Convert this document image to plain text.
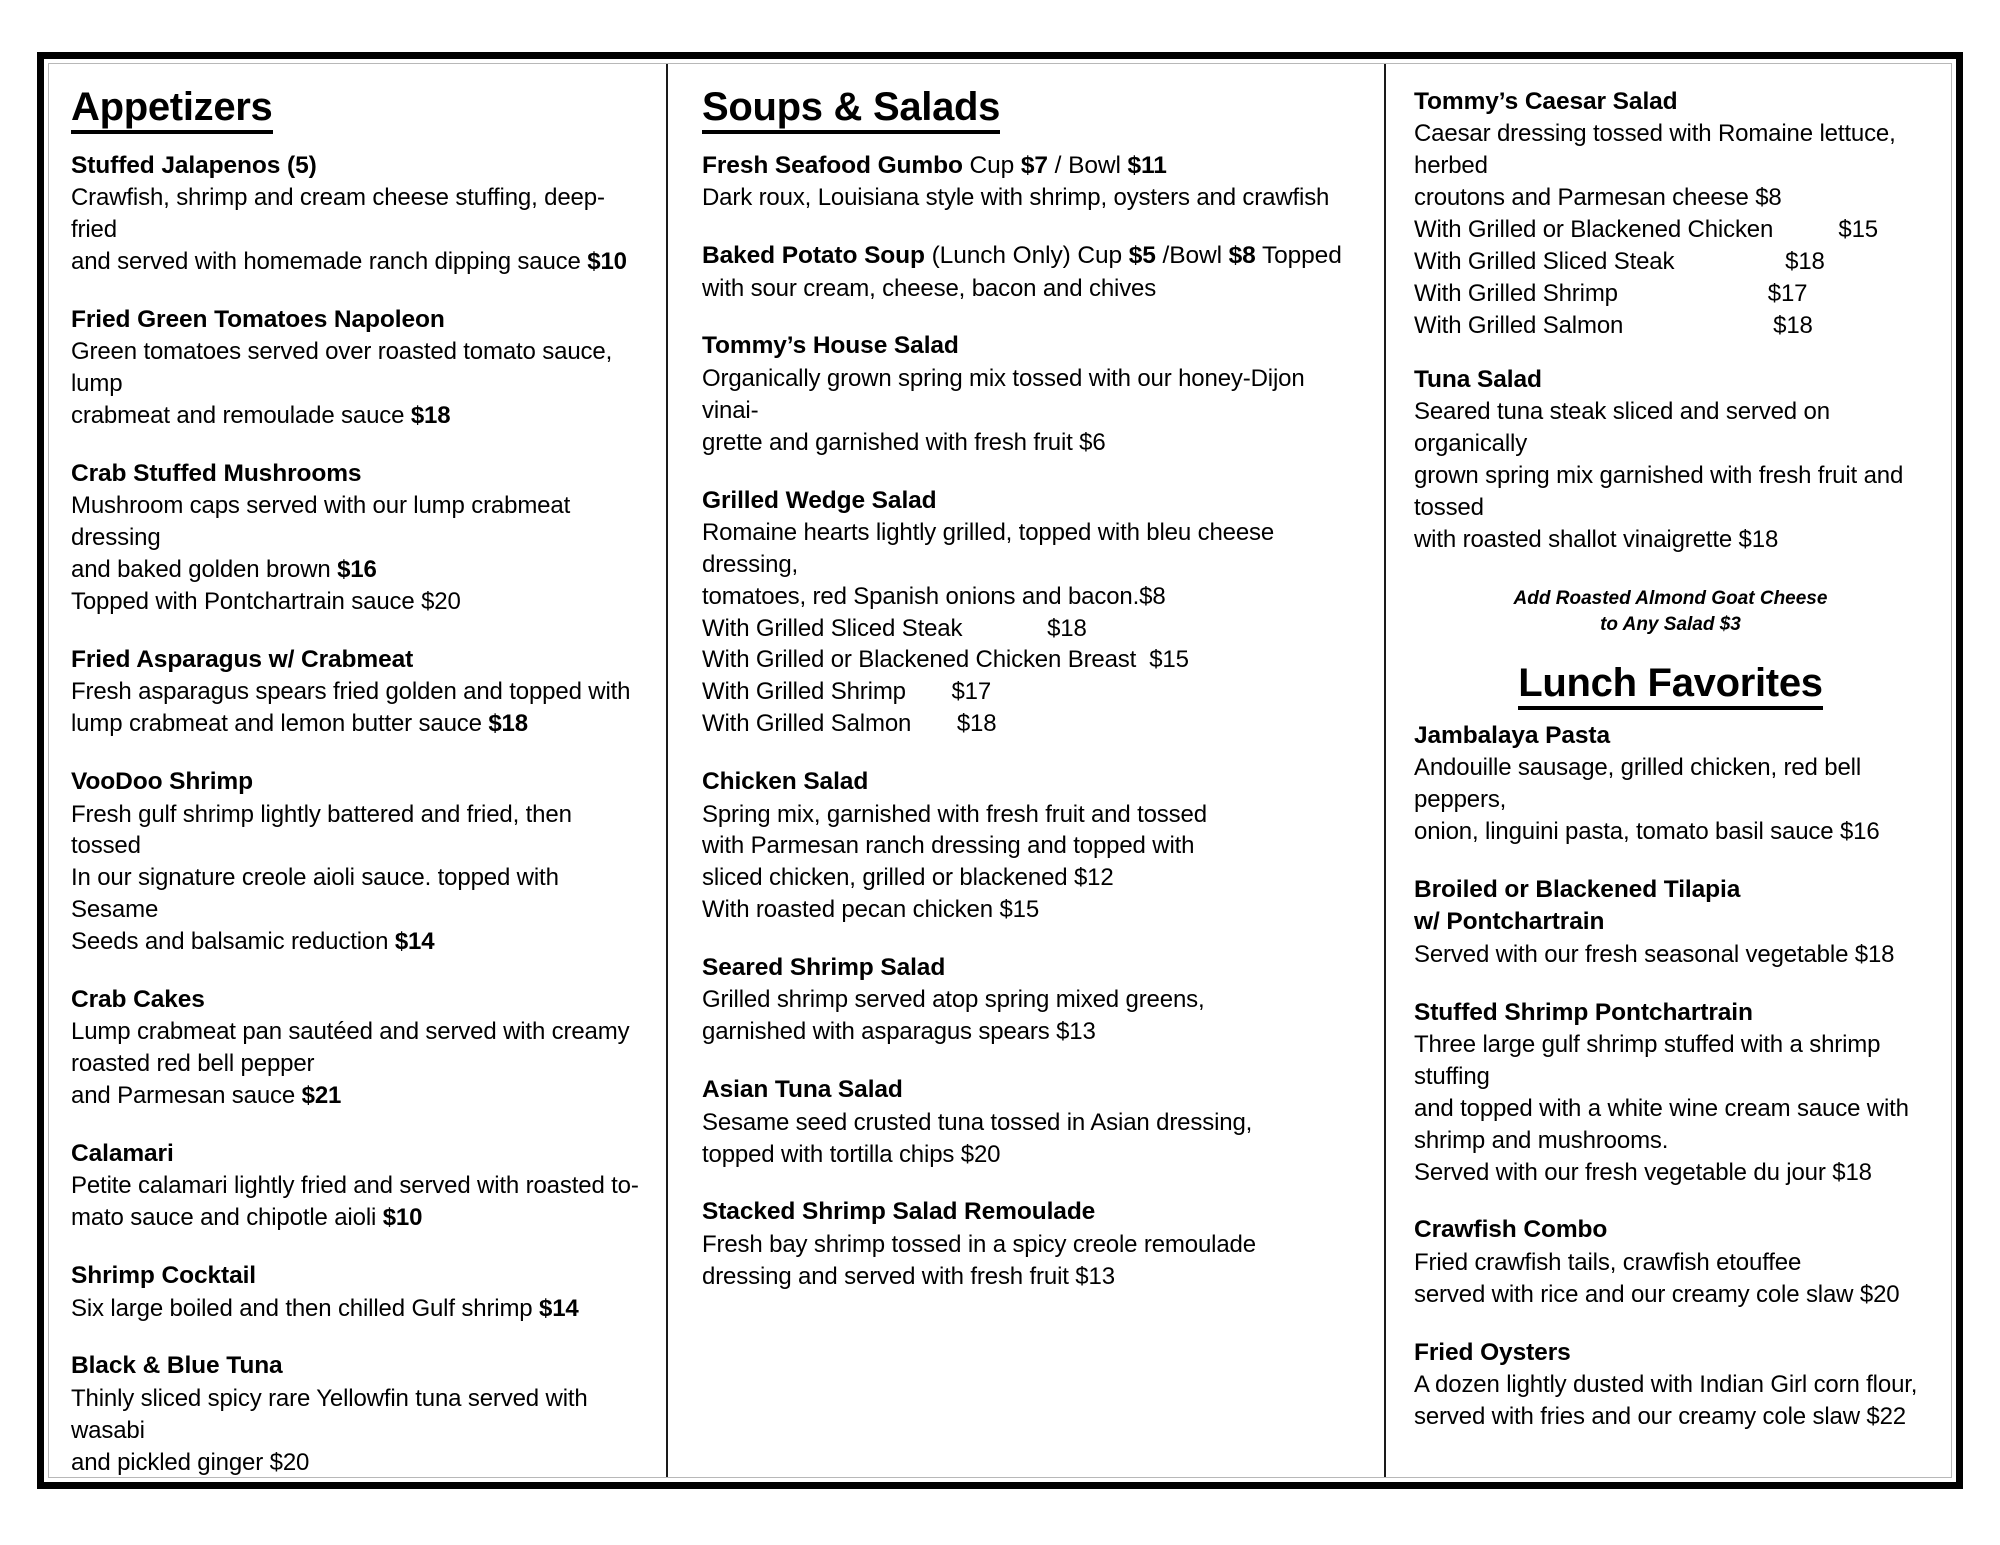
Appetizers

Stuffed Jalapenos (5)

Crawfish, shrimp and cream cheese stuffing, deep-fried

and served with homemade ranch dipping sauce $10

Fried Green Tomatoes Napoleon

Green tomatoes served over roasted tomato sauce, lump

crabmeat and remoulade sauce $18

Crab Stuffed Mushrooms

Mushroom caps served with our lump crabmeat dressing

and baked golden brown $16

Topped with Pontchartrain sauce $20

Fried Asparagus w/ Crabmeat

Fresh asparagus spears fried golden and topped with

lump crabmeat and lemon butter sauce $18

VooDoo Shrimp

Fresh gulf shrimp lightly battered and fried, then tossed

In our signature creole aioli sauce. topped with Sesame

Seeds and balsamic reduction $14

Crab Cakes

Lump crabmeat pan sautéed and served with creamy

roasted red bell pepper

and Parmesan sauce $21

Calamari

Petite calamari lightly fried and served with roasted to-

mato sauce and chipotle aioli $10

Shrimp Cocktail

Six large boiled and then chilled Gulf shrimp $14

Black & Blue Tuna

Thinly sliced spicy rare Yellowfin tuna served with wasabi

and pickled ginger $20

Soups & Salads

Fresh Seafood Gumbo Cup $7 / Bowl $11

Dark roux, Louisiana style with shrimp, oysters and crawfish

Baked Potato Soup (Lunch Only) Cup $5 /Bowl $8 Topped

with sour cream, cheese, bacon and chives

Tommy’s House Salad

Organically grown spring mix tossed with our honey-Dijon vinai-

grette and garnished with fresh fruit $6

Grilled Wedge Salad

Romaine hearts lightly grilled, topped with bleu cheese dressing,

tomatoes, red Spanish onions and bacon.$8

With Grilled Sliced Steak             $18

With Grilled or Blackened Chicken Breast  $15

With Grilled Shrimp       $17

With Grilled Salmon       $18

Chicken Salad

Spring mix, garnished with fresh fruit and tossed

with Parmesan ranch dressing and topped with

sliced chicken, grilled or blackened $12

With roasted pecan chicken $15

Seared Shrimp Salad

Grilled shrimp served atop spring mixed greens,

garnished with asparagus spears $13

Asian Tuna Salad

Sesame seed crusted tuna tossed in Asian dressing,

topped with tortilla chips $20

Stacked Shrimp Salad Remoulade

Fresh bay shrimp tossed in a spicy creole remoulade

dressing and served with fresh fruit $13

Tommy’s Caesar Salad

Caesar dressing tossed with Romaine lettuce, herbed

croutons and Parmesan cheese $8

With Grilled or Blackened Chicken          $15

With Grilled Sliced Steak                 $18

With Grilled Shrimp                       $17

With Grilled Salmon                       $18

Tuna Salad

Seared tuna steak sliced and served on organically

grown spring mix garnished with fresh fruit and tossed

with roasted shallot vinaigrette $18

Add Roasted Almond Goat Cheese
to Any Salad $3

Lunch Favorites

Jambalaya Pasta

Andouille sausage, grilled chicken, red bell peppers,

onion, linguini pasta, tomato basil sauce $16

Broiled or Blackened Tilapia

w/ Pontchartrain

Served with our fresh seasonal vegetable $18

Stuffed Shrimp Pontchartrain

Three large gulf shrimp stuffed with a shrimp stuffing

and topped with a white wine cream sauce with

shrimp and mushrooms.

Served with our fresh vegetable du jour $18

Crawfish Combo

Fried crawfish tails, crawfish etouffee

served with rice and our creamy cole slaw $20

Fried Oysters

A dozen lightly dusted with Indian Girl corn flour,

served with fries and our creamy cole slaw $22
